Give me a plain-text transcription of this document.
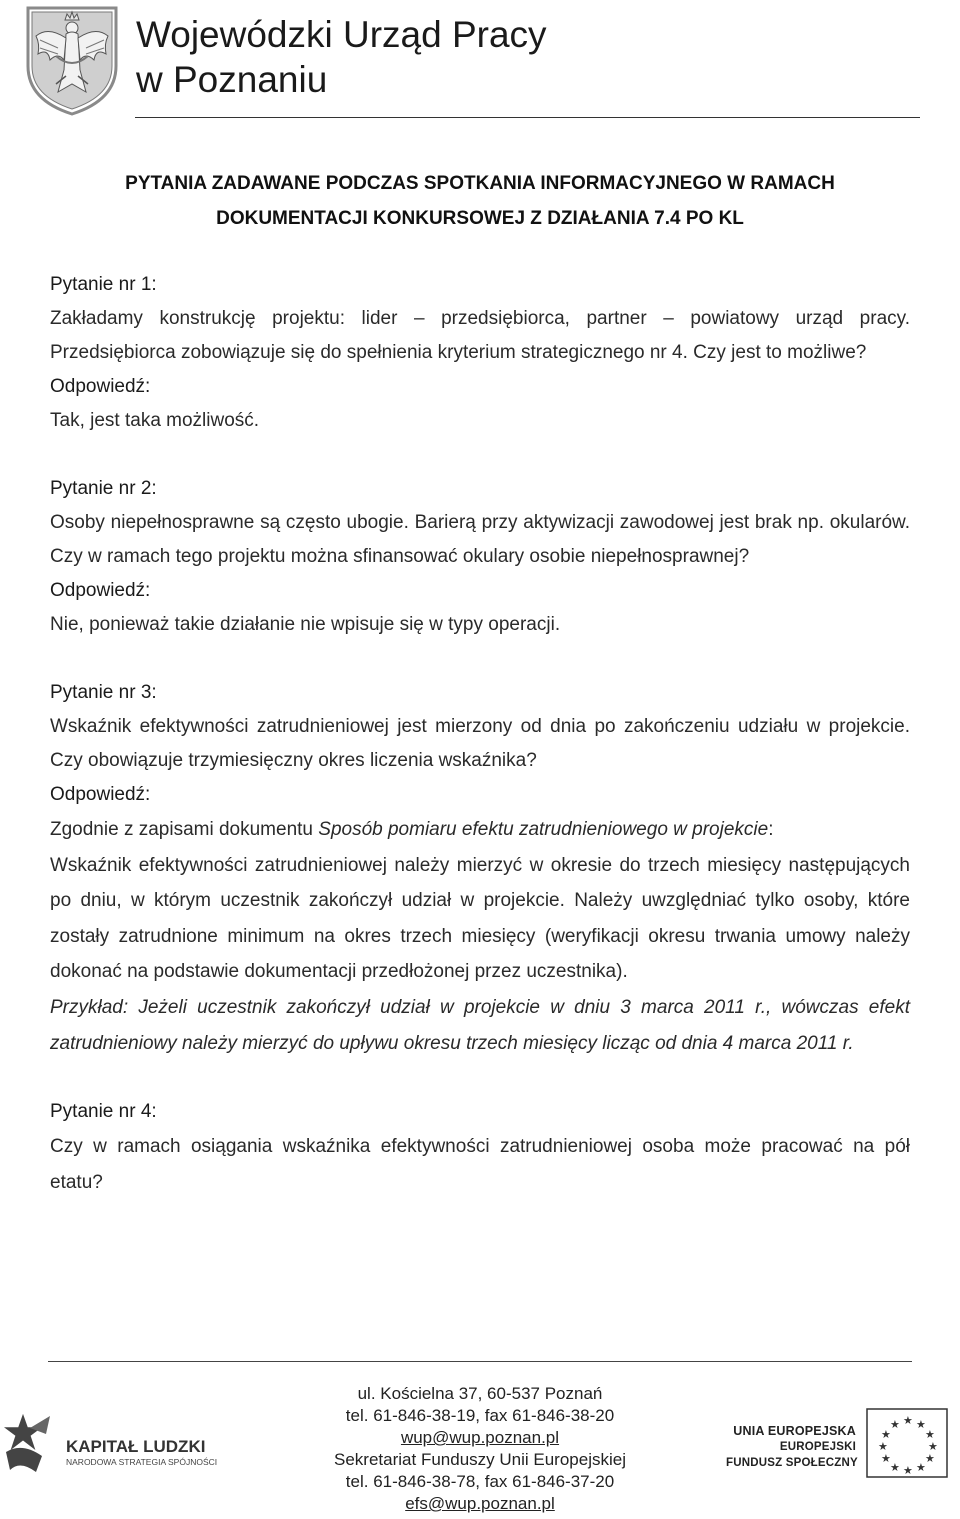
Wojewódzki Urząd Pracy
w Poznaniu
PYTANIA ZADAWANE PODCZAS SPOTKANIA INFORMACYJNEGO W RAMACH
DOKUMENTACJI KONKURSOWEJ Z DZIAŁANIA 7.4 PO KL
Pytanie nr 1:

Zakładamy konstrukcję projektu: lider – przedsiębiorca, partner – powiatowy urząd pracy. Przedsiębiorca zobowiązuje się do spełnienia kryterium strategicznego nr 4. Czy jest to możliwe?

Odpowiedź:

Tak, jest taka możliwość.

Pytanie nr 2:

Osoby niepełnosprawne są często ubogie. Barierą przy aktywizacji zawodowej jest brak np. okularów. Czy w ramach tego projektu można sfinansować okulary osobie niepełnosprawnej?

Odpowiedź:

Nie, ponieważ takie działanie nie wpisuje się w typy operacji.

Pytanie nr 3:

Wskaźnik efektywności zatrudnieniowej jest mierzony od dnia po zakończeniu udziału w projekcie. Czy obowiązuje trzymiesięczny okres liczenia wskaźnika?

Odpowiedź:

Zgodnie z zapisami dokumentu Sposób pomiaru efektu zatrudnieniowego w projekcie:

Wskaźnik efektywności zatrudnieniowej należy mierzyć w okresie do trzech miesięcy następujących po dniu, w którym uczestnik zakończył udział w projekcie. Należy uwzględniać tylko osoby, które zostały zatrudnione minimum na okres trzech miesięcy (weryfikacji okresu trwania umowy należy dokonać na podstawie dokumentacji przedłożonej przez uczestnika).

Przykład: Jeżeli uczestnik zakończył udział w projekcie w dniu 3 marca 2011 r., wówczas efekt zatrudnieniowy należy mierzyć do upływu okresu trzech miesięcy licząc od dnia 4 marca 2011 r.

Pytanie nr 4:

Czy w ramach osiągania wskaźnika efektywności zatrudnieniowej osoba może pracować na pół etatu?

KAPITAŁ LUDZKI
NARODOWA STRATEGIA SPÓJNOŚCI
ul. Kościelna 37, 60-537 Poznań
tel. 61-846-38-19, fax 61-846-38-20
wup@wup.poznan.pl
Sekretariat Funduszy Unii Europejskiej
tel. 61-846-38-78, fax 61-846-37-20
efs@wup.poznan.pl
UNIA EUROPEJSKA
EUROPEJSKI
FUNDUSZ SPOŁECZNY
★ ★
★
★
★
★
★
★
★
★
★
★
